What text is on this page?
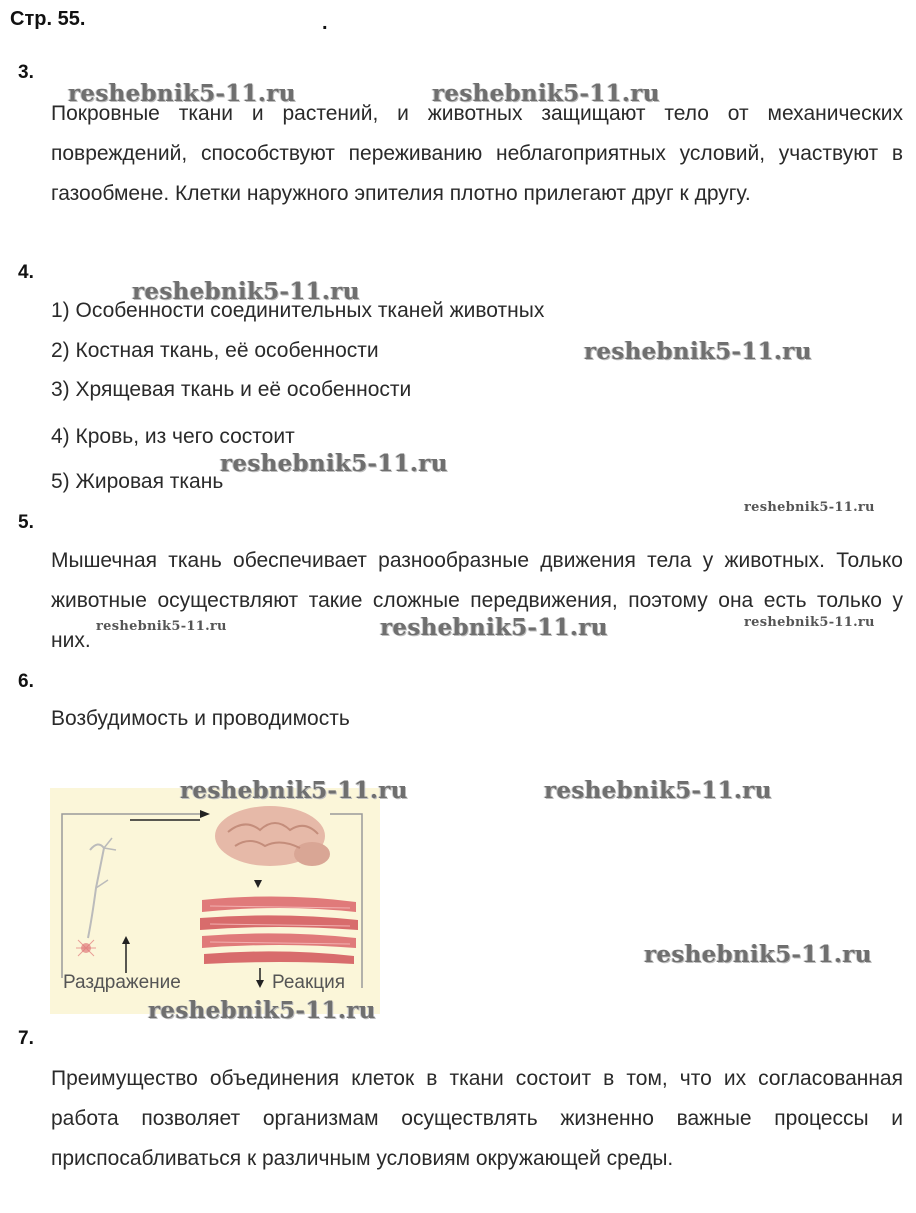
Стр. 55.	.
3.
Покровные ткани и растений, и животных защищают тело от механических повреждений, способствуют переживанию неблагоприятных условий, участвуют в газообмене. Клетки наружного эпителия плотно прилегают друг к другу.
4.
1) Особенности соединительных тканей животных
2) Костная ткань, её особенности
3) Хрящевая ткань и её особенности
4) Кровь, из чего состоит
5) Жировая ткань
5.
Мышечная ткань обеспечивает разнообразные движения тела у животных. Только животные осуществляют такие сложные передвижения, поэтому она есть только у них.
6.
Возбудимость и проводимость
Раздражение	Реакция
7.
Преимущество объединения клеток в ткани состоит в том, что их согласованная работа позволяет организмам осуществлять жизненно важные процессы и приспосабливаться к различным условиям окружающей среды.
reshebnik5-11.ru	reshebnik5-11.ru
reshebnik5-11.ru
reshebnik5-11.ru
reshebnik5-11.ru
reshebnik5-11.ru
reshebnik5-11.ru	reshebnik5-11.ru	reshebnik5-11.ru
reshebnik5-11.ru	reshebnik5-11.ru
reshebnik5-11.ru
reshebnik5-11.ru
